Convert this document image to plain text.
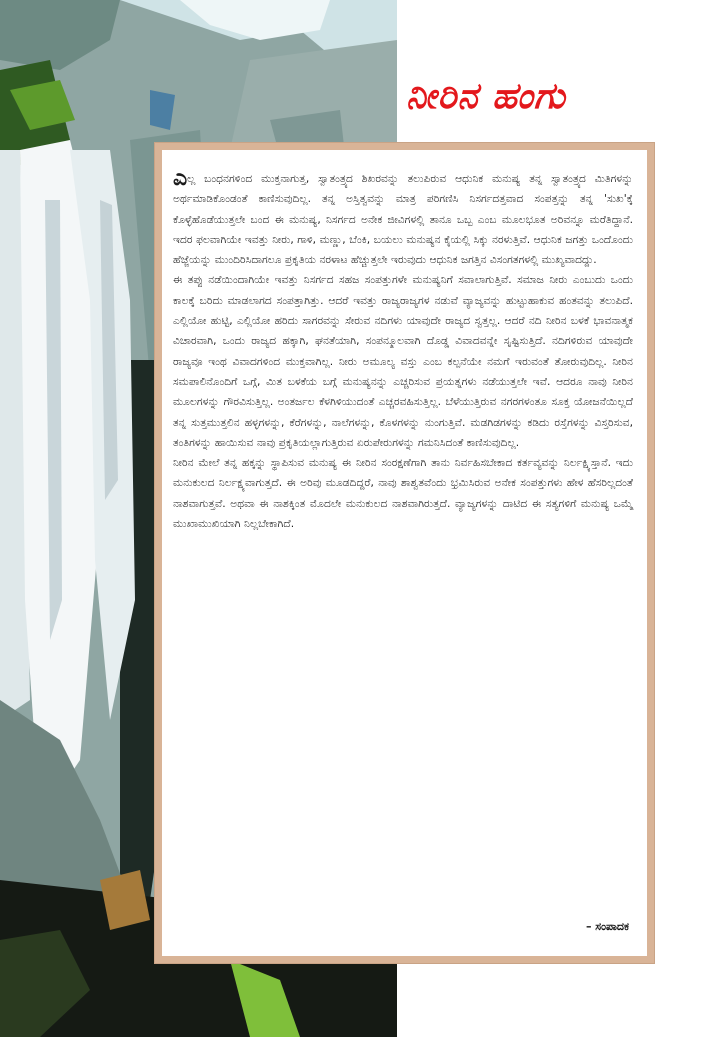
ನೀರಿನ ಹಂಗು

ಎಲ್ಲ ಬಂಧನಗಳಿಂದ ಮುಕ್ತನಾಗುತ್ತ, ಸ್ವಾತಂತ್ರ್ಯದ ಶಿಖರವನ್ನು ತಲುಪಿರುವ ಆಧುನಿಕ ಮನುಷ್ಯ ತನ್ನ ಸ್ವಾತಂತ್ರ್ಯದ ಮಿತಿಗಳನ್ನು ಅರ್ಥಮಾಡಿಕೊಂಡಂತೆ ಕಾಣಿಸುವುದಿಲ್ಲ. ತನ್ನ ಅಸ್ತಿತ್ವವನ್ನು ಮಾತ್ರ ಪರಿಗಣಿಸಿ ನಿಸರ್ಗದತ್ತವಾದ ಸಂಪತ್ತನ್ನು ತನ್ನ 'ಸುಖ'ಕ್ಕೆ ಕೊಳ್ಳೆಹೊಡೆಯುತ್ತಲೇ ಬಂದ ಈ ಮನುಷ್ಯ, ನಿಸರ್ಗದ ಅನೇಕ ಜೀವಿಗಳಲ್ಲಿ ತಾನೂ ಒಬ್ಬ ಎಂಬ ಮೂಲಭೂತ ಅರಿವನ್ನೂ ಮರೆತಿದ್ದಾನೆ. ಇದರ ಫಲವಾಗಿಯೇ ಇವತ್ತು ನೀರು, ಗಾಳಿ, ಮಣ್ಣು, ಬೆಂಕಿ, ಬಯಲು ಮನುಷ್ಯನ ಕೈಯಲ್ಲಿ ಸಿಕ್ಕು ನರಳುತ್ತಿವೆ. ಆಧುನಿಕ ಜಗತ್ತು ಒಂದೊಂದು ಹೆಜ್ಜೆಯನ್ನು ಮುಂದಿರಿಸಿದಾಗಲೂ ಪ್ರಕೃತಿಯ ನರಳಾಟ ಹೆಚ್ಚುತ್ತಲೇ ಇರುವುದು ಆಧುನಿಕ ಜಗತ್ತಿನ ವಿಸಂಗತಗಳಲ್ಲಿ ಮುಖ್ಯವಾದದ್ದು.

ಈ ತಪ್ಪು ನಡೆಯಿಂದಾಗಿಯೇ ಇವತ್ತು ನಿಸರ್ಗದ ಸಹಜ ಸಂಪತ್ತುಗಳೇ ಮನುಷ್ಯನಿಗೆ ಸವಾಲಾಗುತ್ತಿವೆ. ಸಮಾಜ ನೀರು ಎಂಬುದು ಒಂದು ಕಾಲಕ್ಕೆ ಬರಿದು ಮಾಡಲಾಗದ ಸಂಪತ್ತಾಗಿತ್ತು. ಆದರೆ ಇವತ್ತು ರಾಜ್ಯರಾಜ್ಯಗಳ ನಡುವೆ ವ್ಯಾಜ್ಯವನ್ನು ಹುಟ್ಟುಹಾಕುವ ಹಂತವನ್ನು ತಲುಪಿದೆ. ಎಲ್ಲಿಯೋ ಹುಟ್ಟಿ, ಎಲ್ಲಿಯೋ ಹರಿದು ಸಾಗರವನ್ನು ಸೇರುವ ನದಿಗಳು ಯಾವುದೇ ರಾಜ್ಯದ ಸ್ವತ್ತಲ್ಲ. ಆದರೆ ನದಿ ನೀರಿನ ಬಳಕೆ ಭಾವನಾತ್ಮಕ ವಿಚಾರವಾಗಿ, ಒಂದು ರಾಜ್ಯದ ಹಕ್ಕಾಗಿ, ಘನತೆಯಾಗಿ, ಸಂಪನ್ಮೂಲವಾಗಿ ದೊಡ್ಡ ವಿವಾದವನ್ನೇ ಸೃಷ್ಟಿಸುತ್ತಿದೆ. ನದಿಗಳಿರುವ ಯಾವುದೇ ರಾಜ್ಯವೂ ಇಂಥ ವಿವಾದಗಳಿಂದ ಮುಕ್ತವಾಗಿಲ್ಲ. ನೀರು ಅಮೂಲ್ಯ ವಸ್ತು ಎಂಬ ಕಲ್ಪನೆಯೇ ನಮಗೆ ಇರುವಂತೆ ತೋರುವುದಿಲ್ಲ. ನೀರಿನ ಸಮಪಾಲಿನೊಂದಿಗೆ ಒಗ್ಗೆ, ಮಿತ ಬಳಕೆಯ ಬಗ್ಗೆ ಮನುಷ್ಯನನ್ನು ಎಚ್ಚರಿಸುವ ಪ್ರಯತ್ನಗಳು ನಡೆಯುತ್ತಲೇ ಇವೆ. ಆದರೂ ನಾವು ನೀರಿನ ಮೂಲಗಳನ್ನು ಗೌರವಿಸುತ್ತಿಲ್ಲ. ಅಂತರ್ಜಲ ಕೆಳಗಿಳಿಯುದಂತೆ ಎಚ್ಚರವಹಿಸುತ್ತಿಲ್ಲ. ಬೆಳೆಯುತ್ತಿರುವ ನಗರಗಳಂತೂ ಸೂಕ್ತ ಯೋಜನೆಯಿಲ್ಲದೆ ತನ್ನ ಸುತ್ತಮುತ್ತಲಿನ ಹಳ್ಳಗಳನ್ನು, ಕೆರೆಗಳನ್ನು, ನಾಲೆಗಳನ್ನು, ಕೊಳಗಳನ್ನು ನುಂಗುತ್ತಿವೆ. ಮಡಗಿಡಗಳನ್ನು ಕಡಿದು ರಸ್ತೆಗಳನ್ನು ವಿಸ್ತರಿಸುವ, ತಂತಿಗಳನ್ನು ಹಾಯಿಸುವ ನಾವು ಪ್ರಕೃತಿಯಲ್ಲಾಗುತ್ತಿರುವ ಏರುಪೇರುಗಳನ್ನು ಗಮನಿಸಿದಂತೆ ಕಾಣಿಸುವುದಿಲ್ಲ.

ನೀರಿನ ಮೇಲೆ ತನ್ನ ಹಕ್ಕನ್ನು ಸ್ಥಾಪಿಸುವ ಮನುಷ್ಯ ಈ ನೀರಿನ ಸಂರಕ್ಷಣೆಗಾಗಿ ತಾನು ನಿರ್ವಹಿಸಬೇಕಾದ ಕರ್ತವ್ಯವನ್ನು ನಿರ್ಲಕ್ಷ್ಯಿಸ್ತಾನೆ. ಇದು ಮನುಕುಲದ ನಿರ್ಲಕ್ಷ್ಯವಾಗುತ್ತದೆ. ಈ ಅರಿವು ಮೂಡದಿದ್ದರೆ, ನಾವು ಶಾಶ್ವತವೆಂದು ಭ್ರಮಿಸಿರುವ ಅನೇಕ ಸಂಪತ್ತುಗಳು ಹೇಳ ಹೆಸರಿಲ್ಲದಂತೆ ನಾಶವಾಗುತ್ತವೆ. ಅಥವಾ ಈ ನಾಶಕ್ಕಿಂತ ಮೊದಲೇ ಮನುಕುಲದ ನಾಶವಾಗಿರುತ್ತದೆ. ವ್ಯಾಜ್ಯಗಳನ್ನು ದಾಟಿದ ಈ ಸತ್ಯಗಳಿಗೆ ಮನುಷ್ಯ ಒಮ್ಮೆ ಮುಖಾಮುಖಿಯಾಗಿ ನಿಲ್ಲಬೇಕಾಗಿದೆ.

– ಸಂಪಾದಕ
